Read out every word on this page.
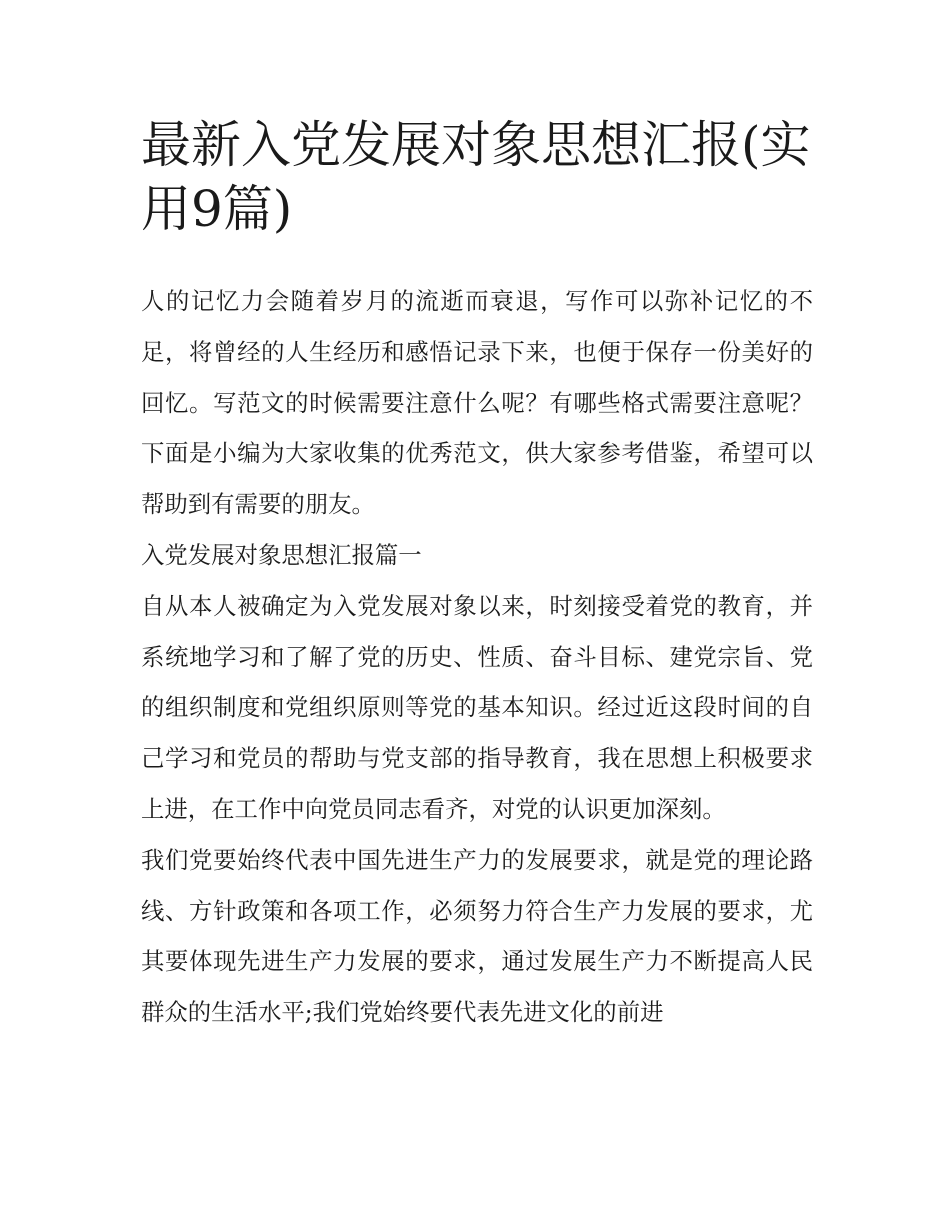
最新入党发展对象思想汇报(实用9篇)

人的记忆力会随着岁月的流逝而衰退，写作可以弥补记忆的不足，将曾经的人生经历和感悟记录下来，也便于保存一份美好的回忆。写范文的时候需要注意什么呢？有哪些格式需要注意呢？下面是小编为大家收集的优秀范文，供大家参考借鉴，希望可以帮助到有需要的朋友。

入党发展对象思想汇报篇一

自从本人被确定为入党发展对象以来，时刻接受着党的教育，并系统地学习和了解了党的历史、性质、奋斗目标、建党宗旨、党的组织制度和党组织原则等党的基本知识。经过近这段时间的自己学习和党员的帮助与党支部的指导教育，我在思想上积极要求上进，在工作中向党员同志看齐，对党的认识更加深刻。

我们党要始终代表中国先进生产力的发展要求，就是党的理论路线、方针政策和各项工作，必须努力符合生产力发展的要求，尤其要体现先进生产力发展的要求，通过发展生产力不断提高人民群众的生活水平;我们党始终要代表先进文化的前进
